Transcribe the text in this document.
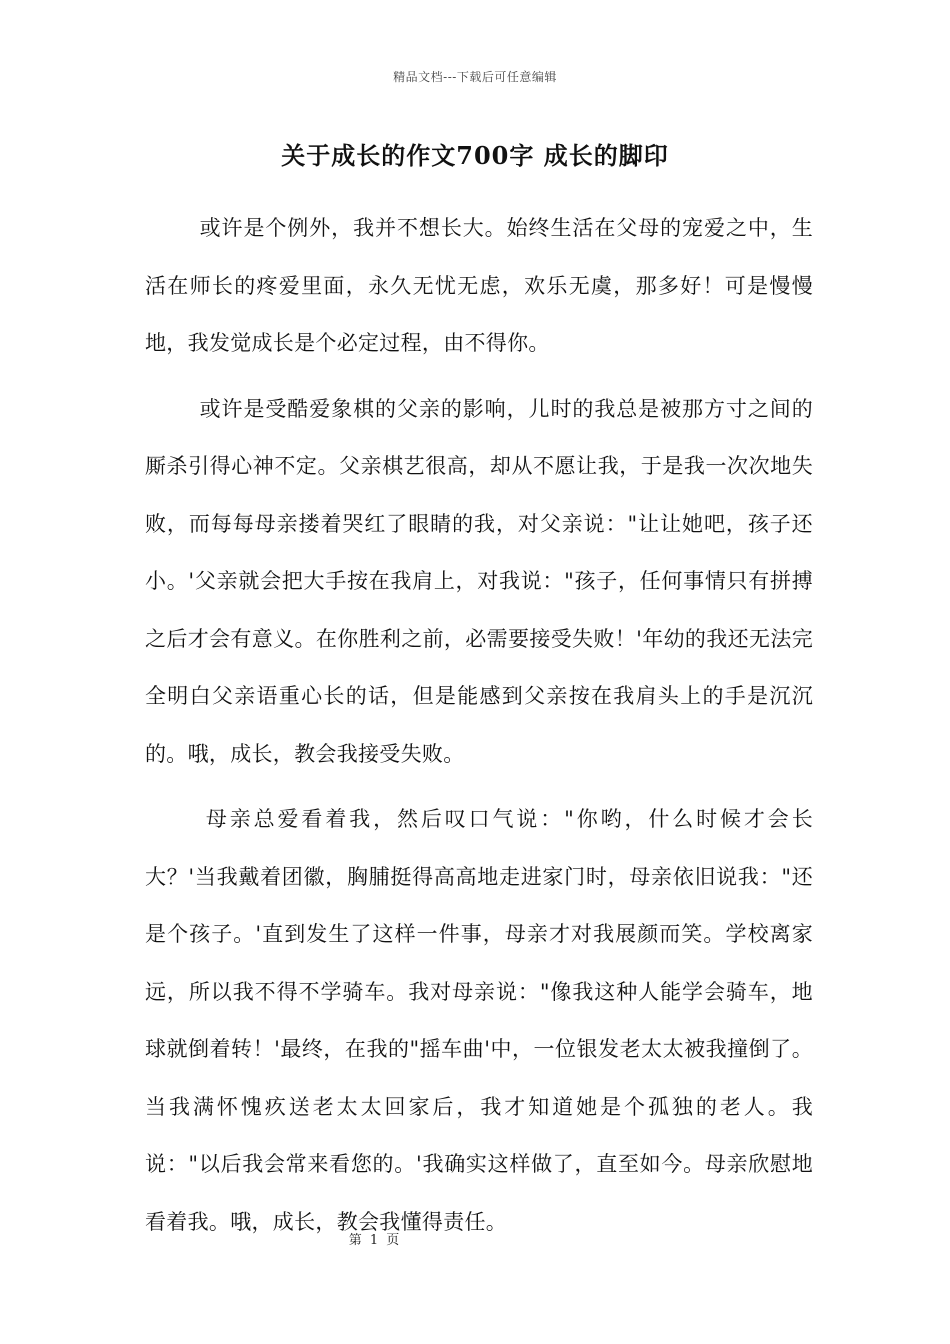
精品文档---下载后可任意编辑
关于成长的作文700字 成长的脚印

或许是个例外，我并不想长大。始终生活在父母的宠爱之中，生活在师长的疼爱里面，永久无忧无虑，欢乐无虞，那多好！可是慢慢地，我发觉成长是个必定过程，由不得你。

或许是受酷爱象棋的父亲的影响，儿时的我总是被那方寸之间的厮杀引得心神不定。父亲棋艺很高，却从不愿让我，于是我一次次地失败，而每每母亲搂着哭红了眼睛的我，对父亲说："让让她吧，孩子还小。'父亲就会把大手按在我肩上，对我说："孩子，任何事情只有拼搏之后才会有意义。在你胜利之前，必需要接受失败！'年幼的我还无法完全明白父亲语重心长的话，但是能感到父亲按在我肩头上的手是沉沉的。哦，成长，教会我接受失败。

母亲总爱看着我，然后叹口气说："你哟，什么时候才会长大？'当我戴着团徽，胸脯挺得高高地走进家门时，母亲依旧说我："还是个孩子。'直到发生了这样一件事，母亲才对我展颜而笑。学校离家远，所以我不得不学骑车。我对母亲说："像我这种人能学会骑车，地球就倒着转！'最终，在我的"摇车曲'中，一位银发老太太被我撞倒了。当我满怀愧疚送老太太回家后，我才知道她是个孤独的老人。我说："以后我会常来看您的。'我确实这样做了，直至如今。母亲欣慰地看着我。哦，成长，教会我懂得责任。

第 1 页
